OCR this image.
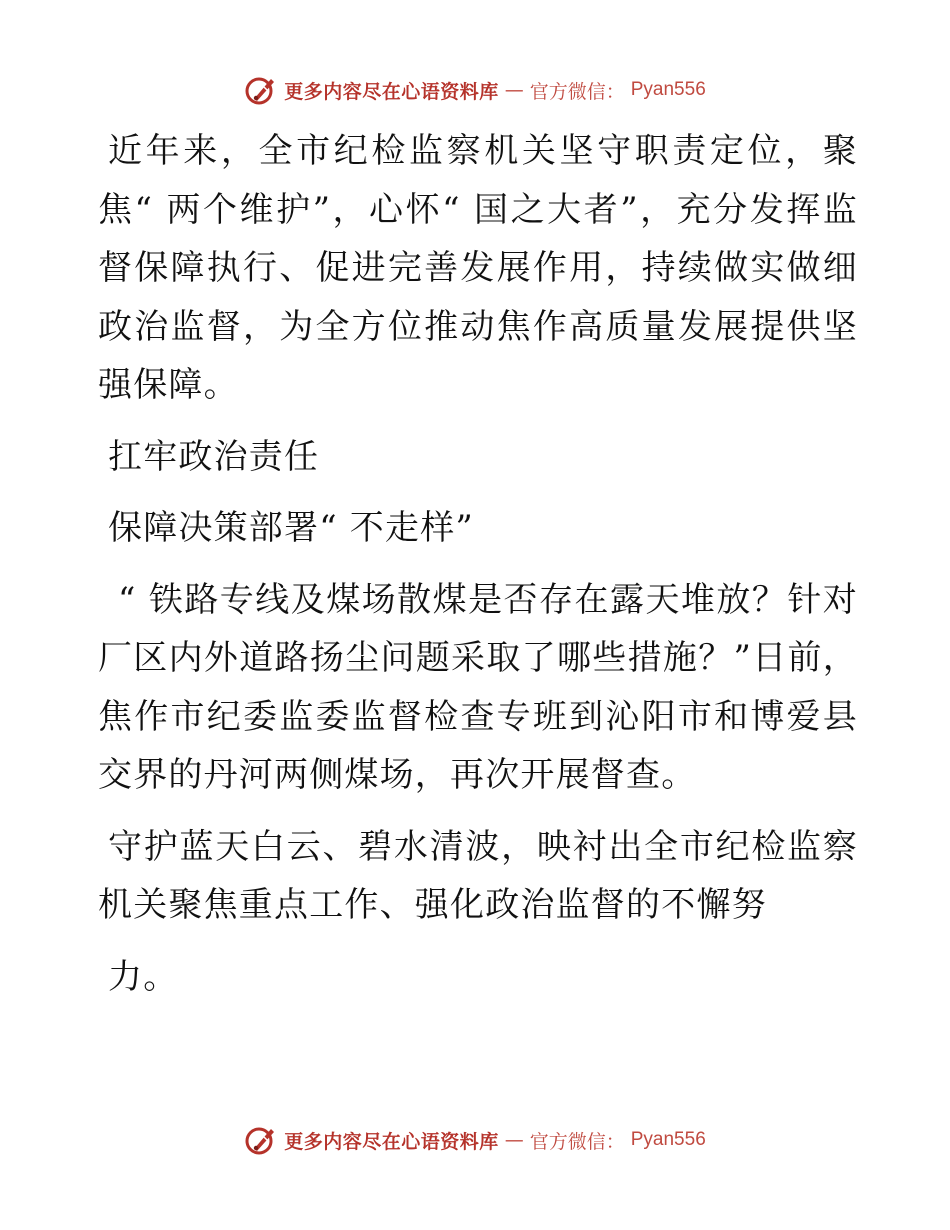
更多内容尽在心语资料库 — 官方微信： Pyan556

近年来，全市纪检监察机关坚守职责定位，聚焦“ 两个维护”，心怀“ 国之大者”，充分发挥监督保障执行、促进完善发展作用，持续做实做细政治监督，为全方位推动焦作高质量发展提供坚强保障。

扛牢政治责任

保障决策部署“ 不走样”

“ 铁路专线及煤场散煤是否存在露天堆放？针对厂区内外道路扬尘问题采取了哪些措施？”日前，焦作市纪委监委监督检查专班到沁阳市和博爱县交界的丹河两侧煤场，再次开展督查。

守护蓝天白云、碧水清波，映衬出全市纪检监察机关聚焦重点工作、强化政治监督的不懈努

力。

更多内容尽在心语资料库 — 官方微信： Pyan556
